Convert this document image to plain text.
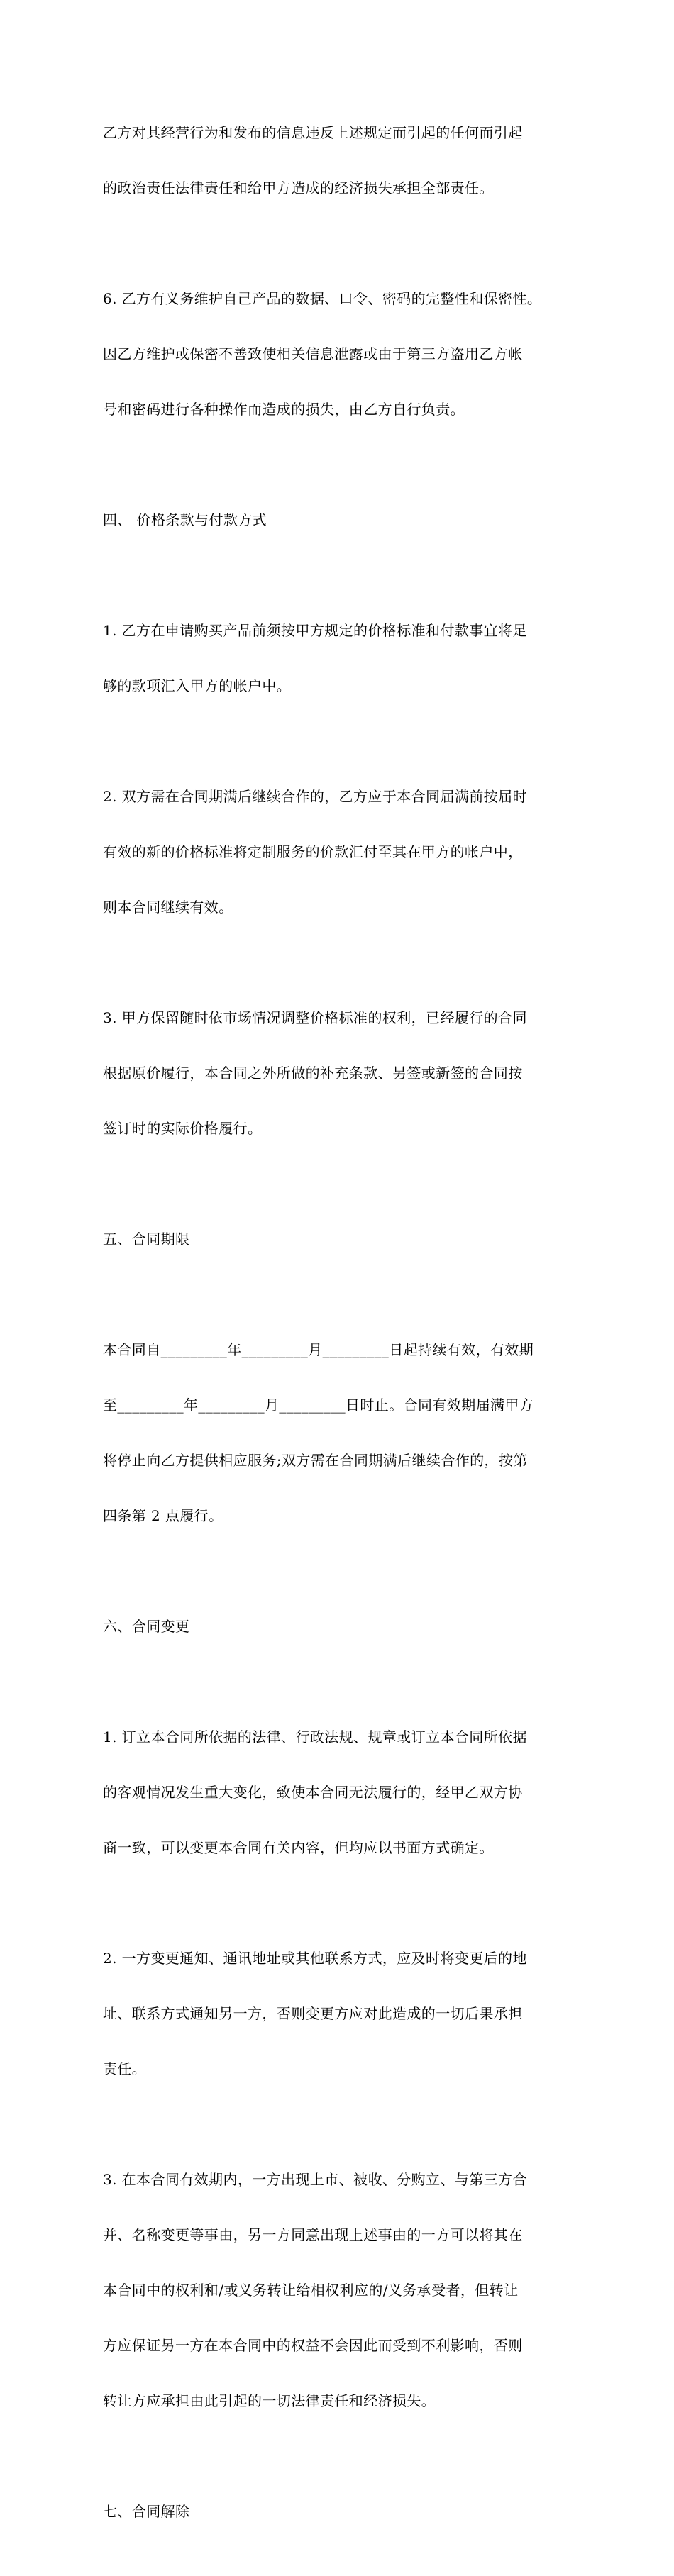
乙方对其经营行为和发布的信息违反上述规定而引起的任何而引起

的政治责任法律责任和给甲方造成的经济损失承担全部责任。

6. 乙方有义务维护自己产品的数据、口令、密码的完整性和保密性。

因乙方维护或保密不善致使相关信息泄露或由于第三方盗用乙方帐

号和密码进行各种操作而造成的损失，由乙方自行负责。

四、 价格条款与付款方式

1. 乙方在申请购买产品前须按甲方规定的价格标准和付款事宜将足

够的款项汇入甲方的帐户中。

2. 双方需在合同期满后继续合作的，乙方应于本合同届满前按届时

有效的新的价格标准将定制服务的价款汇付至其在甲方的帐户中，

则本合同继续有效。

3. 甲方保留随时依市场情况调整价格标准的权利，已经履行的合同

根据原价履行，本合同之外所做的补充条款、另签或新签的合同按

签订时的实际价格履行。

五、合同期限

本合同自_________年_________月_________日起持续有效，有效期

至_________年_________月_________日时止。合同有效期届满甲方

将停止向乙方提供相应服务;双方需在合同期满后继续合作的，按第

四条第 2 点履行。

六、合同变更

1. 订立本合同所依据的法律、行政法规、规章或订立本合同所依据

的客观情况发生重大变化，致使本合同无法履行的，经甲乙双方协

商一致，可以变更本合同有关内容，但均应以书面方式确定。

2. 一方变更通知、通讯地址或其他联系方式，应及时将变更后的地

址、联系方式通知另一方，否则变更方应对此造成的一切后果承担

责任。

3. 在本合同有效期内，一方出现上市、被收、分购立、与第三方合

并、名称变更等事由，另一方同意出现上述事由的一方可以将其在

本合同中的权利和/或义务转让给相权利应的/义务承受者，但转让

方应保证另一方在本合同中的权益不会因此而受到不利影响，否则

转让方应承担由此引起的一切法律责任和经济损失。

七、合同解除
